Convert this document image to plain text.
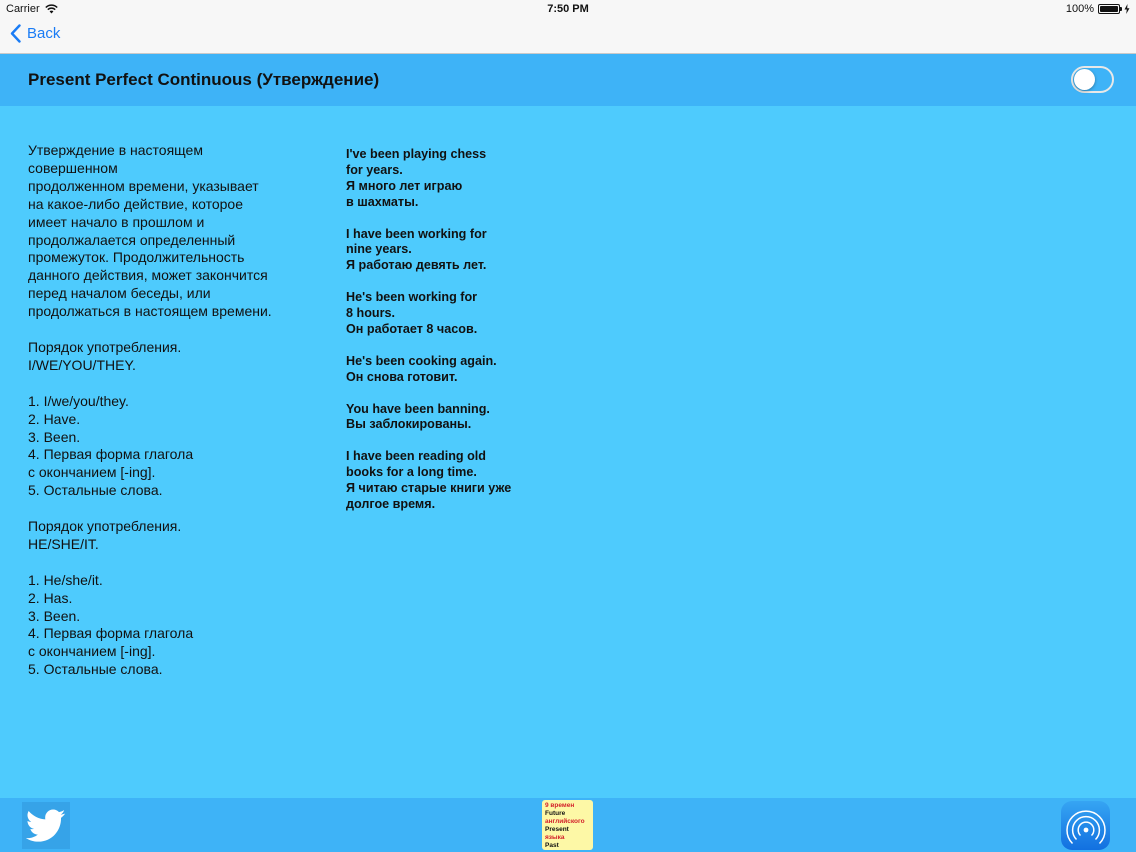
Carrier	7:50 PM	100%
Back
Present Perfect Continuous (Утверждение)
Утверждение в настоящем
совершенном
продолженном времени, указывает
на какое-либо действие, которое
имеет начало в прошлом и
продолжалается определенный
промежуток. Продолжительность
данного действия, может закончится
перед началом беседы, или
продолжаться в настоящем времени.

Порядок употребления.
I/WE/YOU/THEY.

1. I/we/you/they.
2. Have.
3. Been.
4. Первая форма глагола
с окончанием [-ing].
5. Остальные слова.

Порядок употребления.
HE/SHE/IT.

1. He/she/it.
2. Has.
3. Been.
4. Первая форма глагола
с окончанием [-ing].
5. Остальные слова.
I've been playing chess
for years.
Я много лет играю
в шахматы.

I have been working for
nine years.
Я работаю девять лет.

He's been working for
8 hours.
Он работает 8 часов.

He's been cooking again.
Он снова готовит.

You have been banning.
Вы заблокированы.

I have been reading old
books for a long time.
Я читаю старые книги уже
долгое время.
9 времен
Future
английского
Present
языка
Past
